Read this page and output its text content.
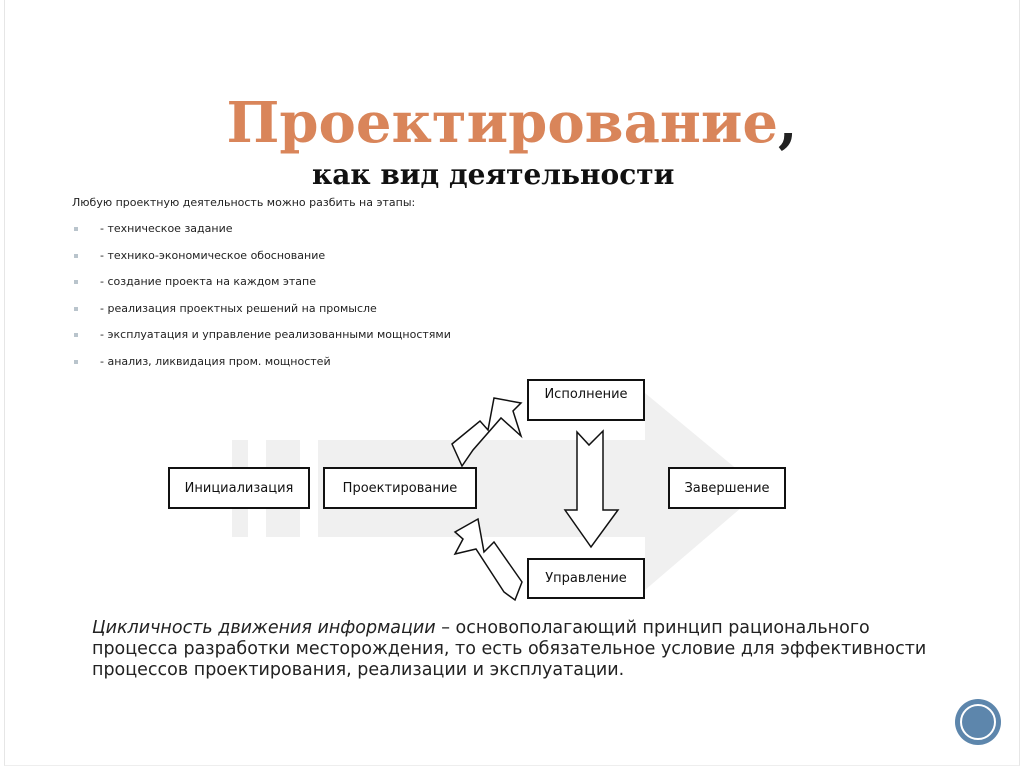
Проектирование,
как вид деятельности
Любую проектную деятельность можно разбить на этапы:
- техническое задание
- технико-экономическое обоснование
- создание проекта на каждом этапе
- реализация проектных решений на промысле
- эксплуатация и управление реализованными мощностями
- анализ, ликвидация пром. мощностей
Инициализация	Проектирование
Исполнение
Управление
Завершение
Цикличность движения информации – основополагающий принцип рационального процесса разработки месторождения, то есть обязательное условие для эффективности процессов проектирования, реализации и эксплуатации.
